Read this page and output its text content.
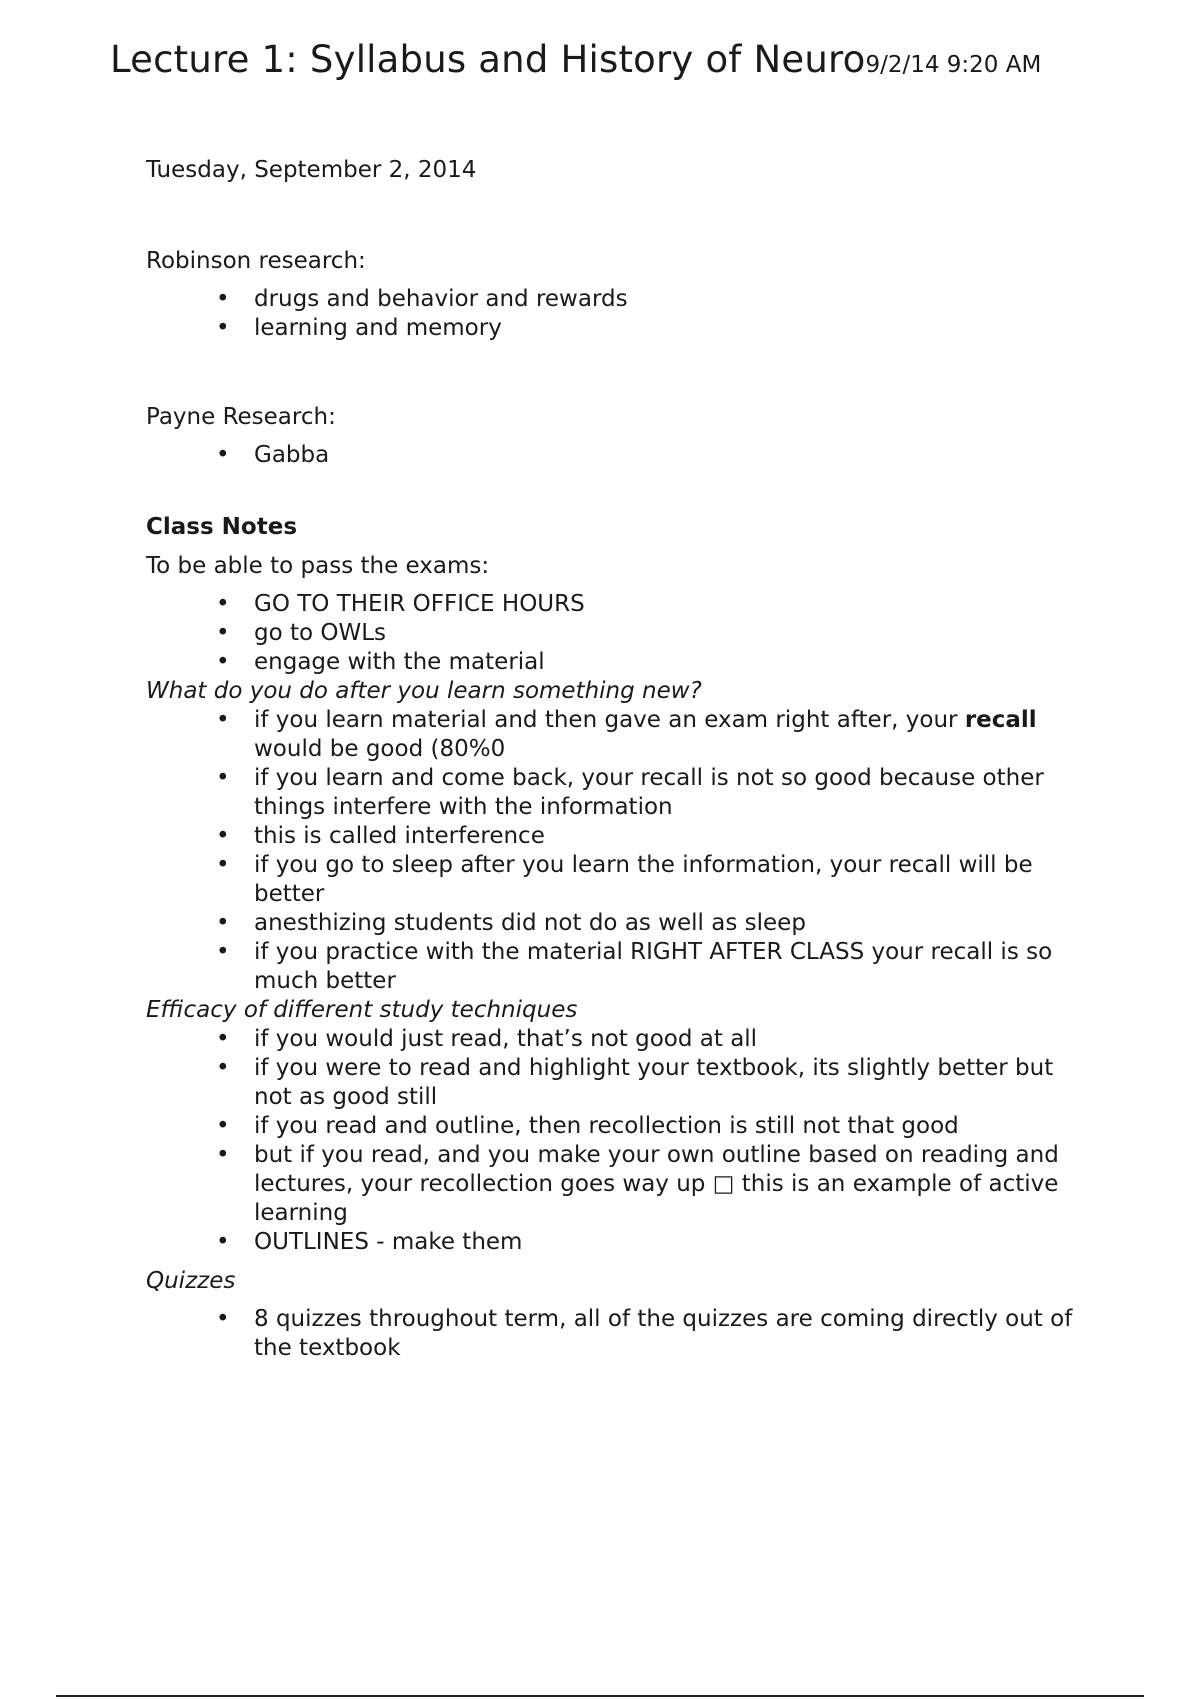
Lecture 1: Syllabus and History of Neuro9/2/14 9:20 AM

Tuesday, September 2, 2014

Robinson research:

• drugs and behavior and rewards
• learning and memory

Payne Research:

• Gabba

Class Notes

To be able to pass the exams:

• GO TO THEIR OFFICE HOURS
• go to OWLs
• engage with the material

What do you do after you learn something new?

• if you learn material and then gave an exam right after, your recall would be good (80%0
• if you learn and come back, your recall is not so good because other things interfere with the information
• this is called interference
• if you go to sleep after you learn the information, your recall will be better
• anesthizing students did not do as well as sleep
• if you practice with the material RIGHT AFTER CLASS your recall is so much better

Efficacy of different study techniques

• if you would just read, that’s not good at all
• if you were to read and highlight your textbook, its slightly better but not as good still
• if you read and outline, then recollection is still not that good
• but if you read, and you make your own outline based on reading and lectures, your recollection goes way up □ this is an example of active learning
• OUTLINES - make them

Quizzes

• 8 quizzes throughout term, all of the quizzes are coming directly out of the textbook
